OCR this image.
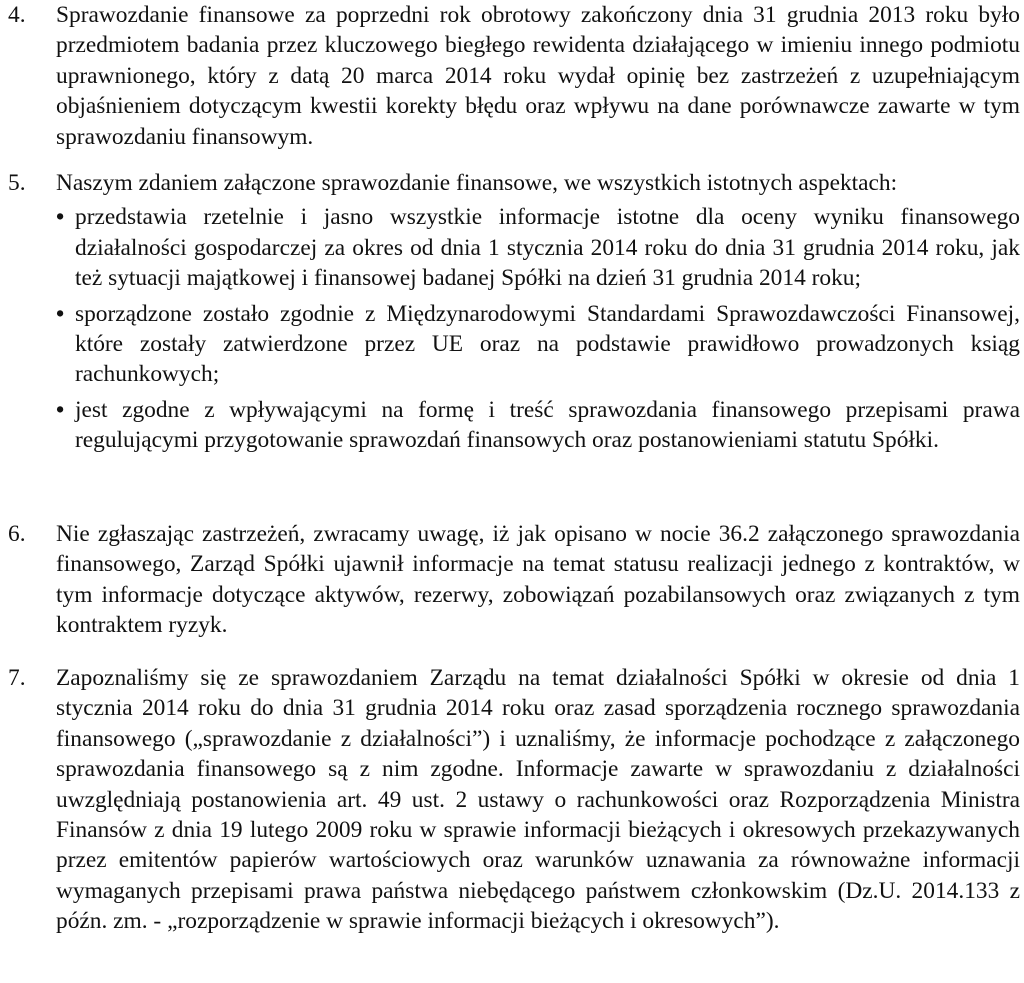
4.	Sprawozdanie finansowe za poprzedni rok obrotowy zakończony dnia 31 grudnia 2013 roku było przedmiotem badania przez kluczowego biegłego rewidenta działającego w imieniu innego podmiotu uprawnionego, który z datą 20 marca 2014 roku wydał opinię bez zastrzeżeń z uzupełniającym objaśnieniem dotyczącym kwestii korekty błędu oraz wpływu na dane porównawcze zawarte w tym sprawozdaniu finansowym.
5.	Naszym zdaniem załączone sprawozdanie finansowe, we wszystkich istotnych aspektach:
• przedstawia rzetelnie i jasno wszystkie informacje istotne dla oceny wyniku finansowego działalności gospodarczej za okres od dnia 1 stycznia 2014 roku do dnia 31 grudnia 2014 roku, jak też sytuacji majątkowej i finansowej badanej Spółki na dzień 31 grudnia 2014 roku;
• sporządzone zostało zgodnie z Międzynarodowymi Standardami Sprawozdawczości Finansowej, które zostały zatwierdzone przez UE oraz na podstawie prawidłowo prowadzonych ksiąg rachunkowych;
• jest zgodne z wpływającymi na formę i treść sprawozdania finansowego przepisami prawa regulującymi przygotowanie sprawozdań finansowych oraz postanowieniami statutu Spółki.
6.	Nie zgłaszając zastrzeżeń, zwracamy uwagę, iż jak opisano w nocie 36.2 załączonego sprawozdania finansowego, Zarząd Spółki ujawnił informacje na temat statusu realizacji jednego z kontraktów, w tym informacje dotyczące aktywów, rezerwy, zobowiązań pozabilansowych oraz związanych z tym kontraktem ryzyk.
7.	Zapoznaliśmy się ze sprawozdaniem Zarządu na temat działalności Spółki w okresie od dnia 1 stycznia 2014 roku do dnia 31 grudnia 2014 roku oraz zasad sporządzenia rocznego sprawozdania finansowego („sprawozdanie z działalności”) i uznaliśmy, że informacje pochodzące z załączonego sprawozdania finansowego są z nim zgodne. Informacje zawarte w sprawozdaniu z działalności uwzględniają postanowienia art. 49 ust. 2 ustawy o rachunkowości oraz Rozporządzenia Ministra Finansów z dnia 19 lutego 2009 roku w sprawie informacji bieżących i okresowych przekazywanych przez emitentów papierów wartościowych oraz warunków uznawania za równoważne informacji wymaganych przepisami prawa państwa niebędącego państwem członkowskim (Dz.U. 2014.133 z późn. zm. - „rozporządzenie w sprawie informacji bieżących i okresowych”).
